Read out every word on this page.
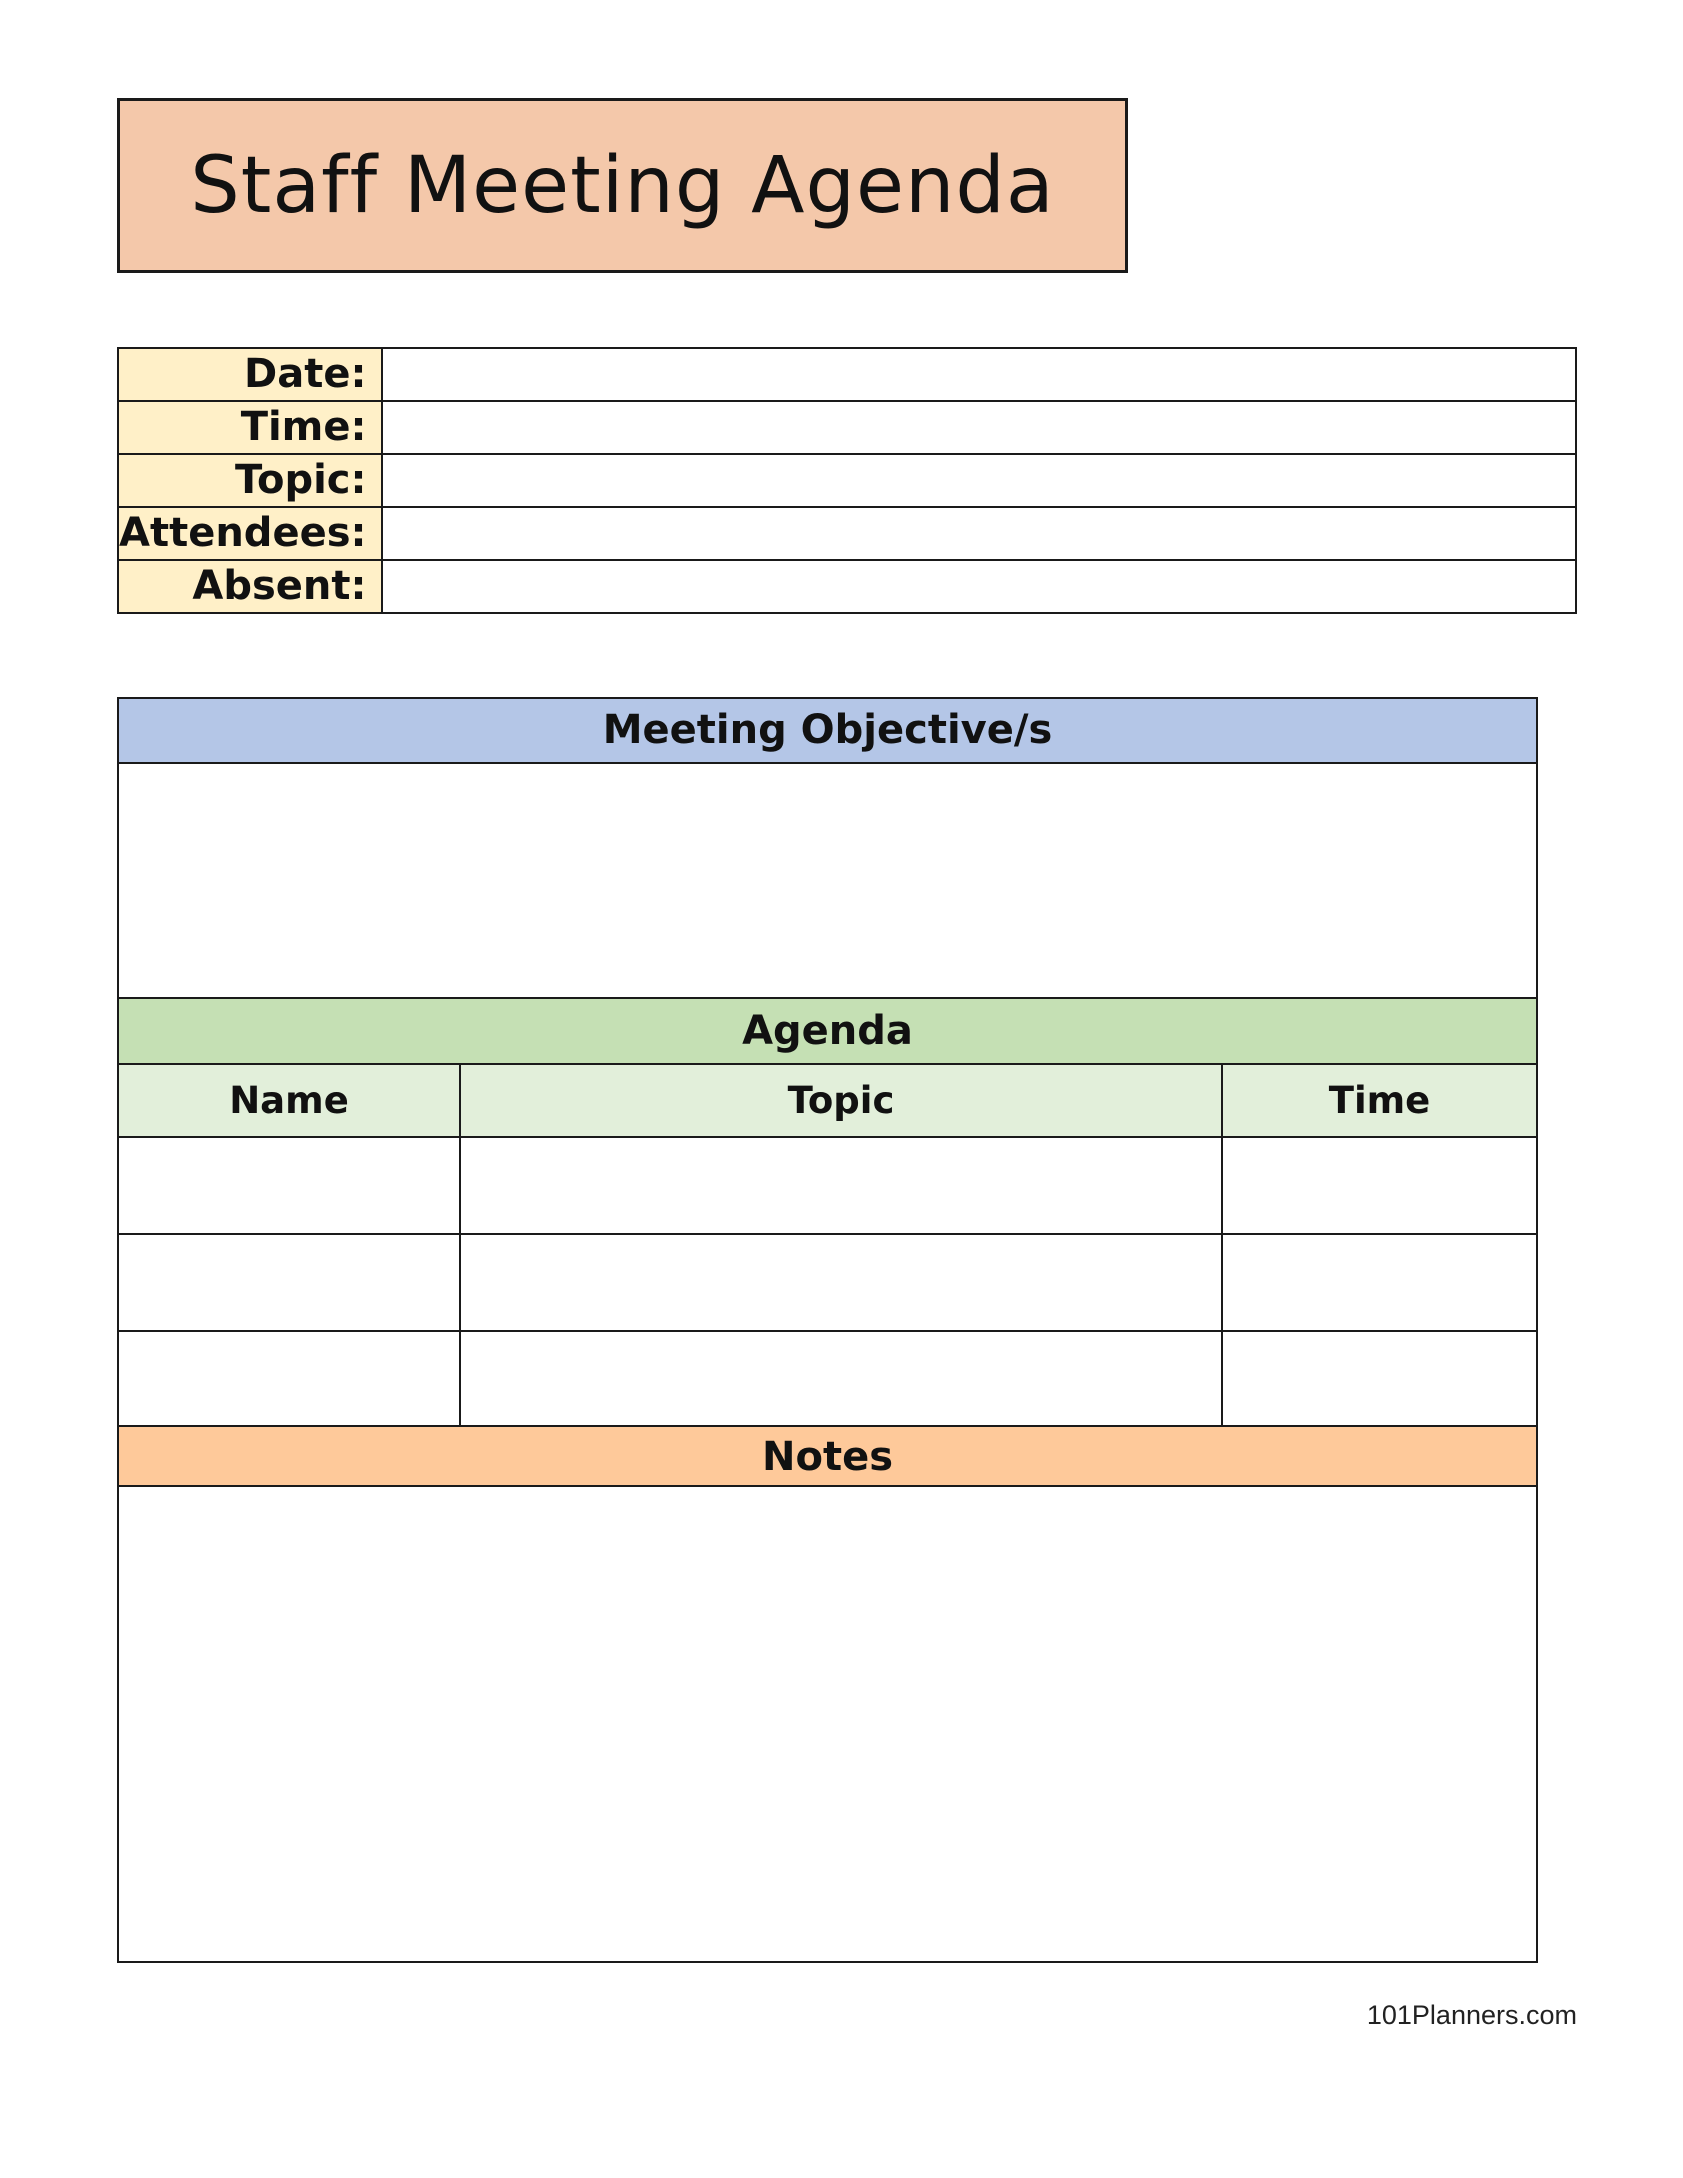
Staff Meeting Agenda
Date:	
Time:	
Topic:	
Attendees:	
Absent:	
Meeting Objective/s
Agenda
Name	Topic	Time

Notes
101Planners.com
